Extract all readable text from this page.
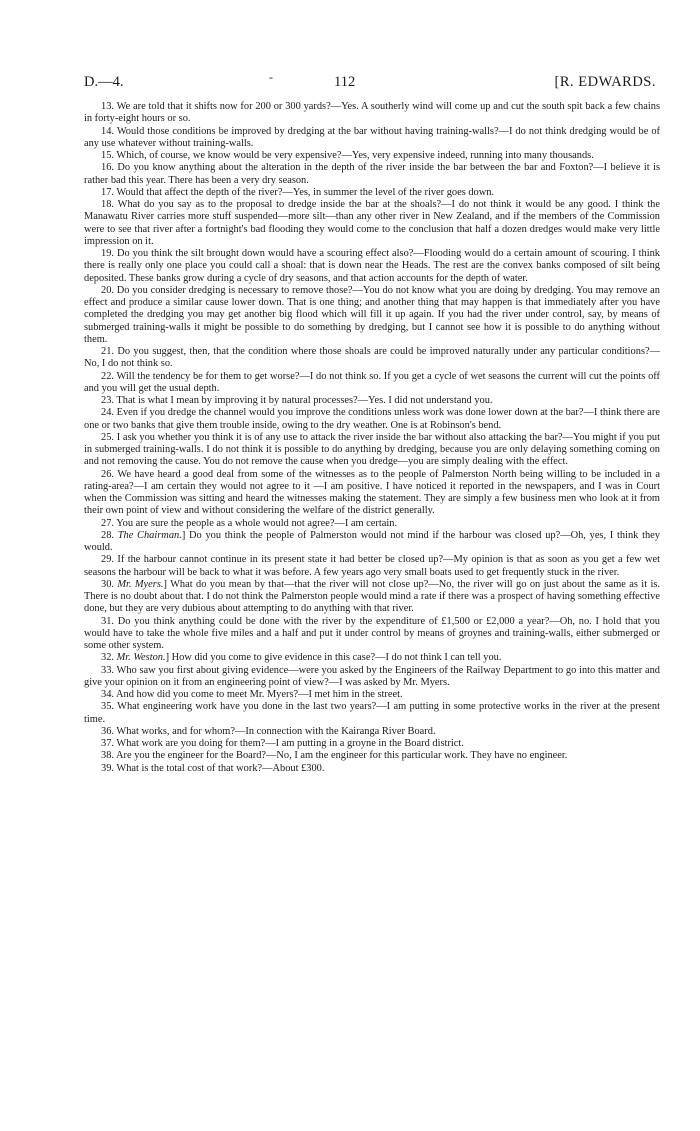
D.—4.	-	112	[R. EDWARDS.

13. We are told that it shifts now for 200 or 300 yards?—Yes. A southerly wind will come up and cut the south spit back a few chains in forty-eight hours or so.

14. Would those conditions be improved by dredging at the bar without having training-walls?—I do not think dredging would be of any use whatever without training-walls.

15. Which, of course, we know would be very expensive?—Yes, very expensive indeed, running into many thousands.

16. Do you know anything about the alteration in the depth of the river inside the bar between the bar and Foxton?—I believe it is rather bad this year. There has been a very dry season.

17. Would that affect the depth of the river?—Yes, in summer the level of the river goes down.

18. What do you say as to the proposal to dredge inside the bar at the shoals?—I do not think it would be any good. I think the Manawatu River carries more stuff suspended—more silt—than any other river in New Zealand, and if the members of the Commission were to see that river after a fortnight's bad flooding they would come to the conclusion that half a dozen dredges would make very little impression on it.

19. Do you think the silt brought down would have a scouring effect also?—Flooding would do a certain amount of scouring. I think there is really only one place you could call a shoal: that is down near the Heads. The rest are the convex banks composed of silt being deposited. These banks grow during a cycle of dry seasons, and that action accounts for the depth of water.

20. Do you consider dredging is necessary to remove those?—You do not know what you are doing by dredging. You may remove an effect and produce a similar cause lower down. That is one thing; and another thing that may happen is that immediately after you have completed the dredging you may get another big flood which will fill it up again. If you had the river under control, say, by means of submerged training-walls it might be possible to do something by dredging, but I cannot see how it is possible to do anything without them.

21. Do you suggest, then, that the condition where those shoals are could be improved naturally under any particular conditions?—No, I do not think so.

22. Will the tendency be for them to get worse?—I do not think so. If you get a cycle of wet seasons the current will cut the points off and you will get the usual depth.

23. That is what I mean by improving it by natural processes?—Yes. I did not understand you.

24. Even if you dredge the channel would you improve the conditions unless work was done lower down at the bar?—I think there are one or two banks that give them trouble inside, owing to the dry weather. One is at Robinson's bend.

25. I ask you whether you think it is of any use to attack the river inside the bar without also attacking the bar?—You might if you put in submerged training-walls. I do not think it is possible to do anything by dredging, because you are only delaying something coming on and not removing the cause. You do not remove the cause when you dredge—you are simply dealing with the effect.

26. We have heard a good deal from some of the witnesses as to the people of Palmerston North being willing to be included in a rating-area?—I am certain they would not agree to it —I am positive. I have noticed it reported in the newspapers, and I was in Court when the Commission was sitting and heard the witnesses making the statement. They are simply a few business men who look at it from their own point of view and without considering the welfare of the district generally.

27. You are sure the people as a whole would not agree?—I am certain.

28. The Chairman.] Do you think the people of Palmerston would not mind if the harbour was closed up?—Oh, yes, I think they would.

29. If the harbour cannot continue in its present state it had better be closed up?—My opinion is that as soon as you get a few wet seasons the harbour will be back to what it was before. A few years ago very small boats used to get frequently stuck in the river.

30. Mr. Myers.] What do you mean by that—that the river will not close up?—No, the river will go on just about the same as it is. There is no doubt about that. I do not think the Palmerston people would mind a rate if there was a prospect of having something effective done, but they are very dubious about attempting to do anything with that river.

31. Do you think anything could be done with the river by the expenditure of £1,500 or £2,000 a year?—Oh, no. I hold that you would have to take the whole five miles and a half and put it under control by means of groynes and training-walls, either submerged or some other system.

32. Mr. Weston.] How did you come to give evidence in this case?—I do not think I can tell you.

33. Who saw you first about giving evidence—were you asked by the Engineers of the Railway Department to go into this matter and give your opinion on it from an engineering point of view?—I was asked by Mr. Myers.

34. And how did you come to meet Mr. Myers?—I met him in the street.

35. What engineering work have you done in the last two years?—I am putting in some protective works in the river at the present time.

36. What works, and for whom?—In connection with the Kairanga River Board.

37. What work are you doing for them?—I am putting in a groyne in the Board district.

38. Are you the engineer for the Board?—No, I am the engineer for this particular work. They have no engineer.

39. What is the total cost of that work?—About £300.
